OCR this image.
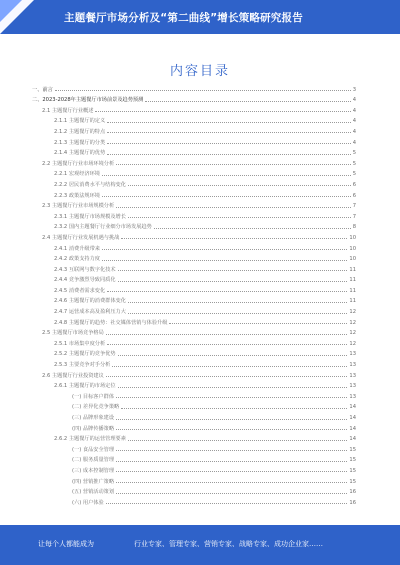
主题餐厅市场分析及“第二曲线”增长策略研究报告
内容目录
一、前言	3
二、2023-2028年主题餐厅市场前景及趋势预测	4
2.1 主题餐厅行业概述	4
2.1.1 主题餐厅的定义	4
2.1.2 主题餐厅的特点	4
2.1.3 主题餐厅的分类	4
2.1.4 主题餐厅的优势	5
2.2 主题餐厅行业市场环境分析	5
2.2.1 宏观经济环境	5
2.2.2 居民消费水平与结构变化	6
2.2.3 政策法规环境	6
2.3 主题餐厅行业市场规模分析	7
2.3.1 主题餐厅市场规模及增长	7
2.3.2 国内主题餐厅行业细分市场发展趋势	8
2.4 主题餐厅行业发展机遇与挑战	10
2.4.1 消费升级带来	10
2.4.2 政策支持力度	10
2.4.3 互联网与数字化技术	11
2.4.4 竞争激烈导致同质化	11
2.4.5 消费者需求变化	11
2.4.6 主题餐厅的消费群体变化	11
2.4.7 运营成本高及盈利压力大	12
2.4.8 主题餐厅的趋势：社交媒体营销与体验升级	12
2.5 主题餐厅市场竞争格局	12
2.5.1 市场集中度分析	12
2.5.2 主题餐厅的竞争优势	13
2.5.3 主要竞争对手分析	13
2.6 主题餐厅行业投资建议	13
2.6.1 主题餐厅的市场定位	13
(一) 目标客户群体	13
(二) 差异化竞争策略	14
(三) 品牌形象建设	14
(四) 品牌传播策略	14
2.6.2 主题餐厅的运营管理要素	14
(一) 食品安全管理	15
(二) 服务质量管理	15
(三) 成本控制管理	15
(四) 营销推广策略	15
(五) 营销活动策划	16
(六) 用户体验	16
让每个人都能成为	行业专家、管理专家、营销专家、战略专家、成功企业家……
